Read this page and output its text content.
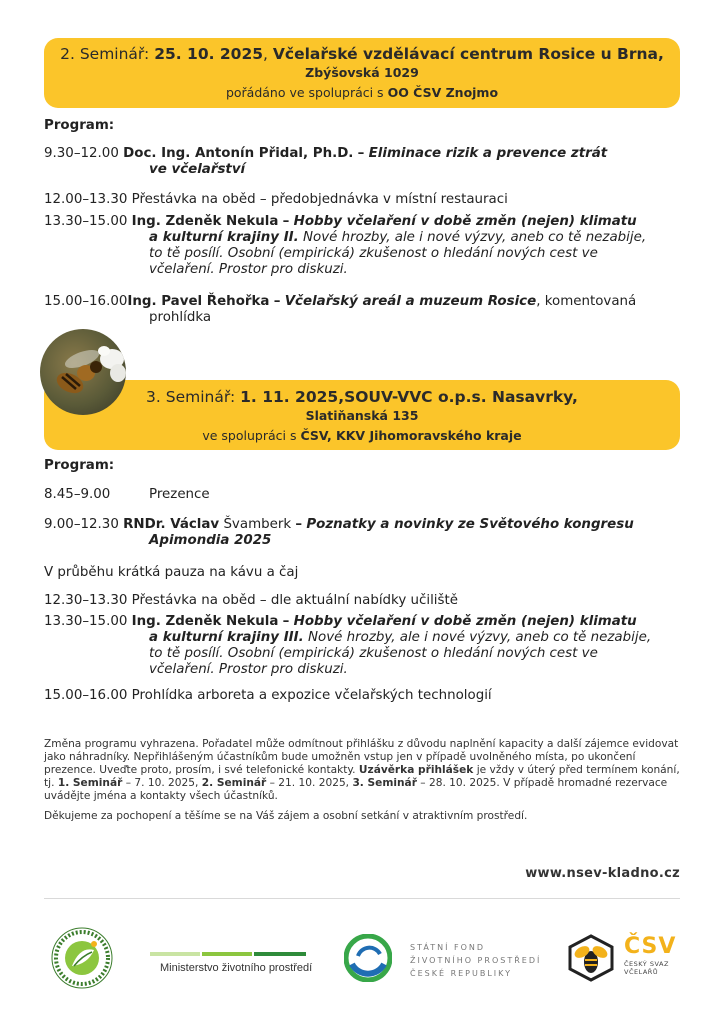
2. Seminář: 25. 10. 2025, Včelařské vzdělávací centrum Rosice u Brna,
Zbýšovská 1029
pořádáno ve spolupráci s OO ČSV Znojmo
Program:
9.30–12.00 Doc. Ing. Antonín Přidal, Ph.D. – Eliminace rizik a prevence ztrát
ve včelařství
12.00–13.30 Přestávka na oběd – předobjednávka v místní restauraci
13.30–15.00 Ing. Zdeněk Nekula – Hobby včelaření v době změn (nejen) klimatu
a kulturní krajiny II. Nové hrozby, ale i nové výzvy, aneb co tě nezabije,
to tě posílí. Osobní (empirická) zkušenost o hledání nových cest ve
včelaření. Prostor pro diskuzi.
15.00–16.00Ing. Pavel Řehořka – Včelařský areál a muzeum Rosice, komentovaná
prohlídka
3. Seminář: 1. 11. 2025,SOUV-VVC o.p.s. Nasavrky,
Slatiňanská 135
ve spolupráci s ČSV, KKV Jihomoravského kraje
Program:
8.45–9.00	Prezence
9.00–12.30 RNDr. Václav Švamberk – Poznatky a novinky ze Světového kongresu
Apimondia 2025
V průběhu krátká pauza na kávu a čaj
12.30–13.30 Přestávka na oběd – dle aktuální nabídky učiliště
13.30–15.00 Ing. Zdeněk Nekula – Hobby včelaření v době změn (nejen) klimatu
a kulturní krajiny III. Nové hrozby, ale i nové výzvy, aneb co tě nezabije,
to tě posílí. Osobní (empirická) zkušenost o hledání nových cest ve
včelaření. Prostor pro diskuzi.
15.00–16.00 Prohlídka arboreta a expozice včelařských technologií
Změna programu vyhrazena. Pořadatel může odmítnout přihlášku z důvodu naplnění kapacity a další zájemce evidovat jako náhradníky. Nepřihlášeným účastníkům bude umožněn vstup jen v případě uvolněného místa, po ukončení prezence. Uveďte proto, prosím, i své telefonické kontakty. Uzávěrka přihlášek je vždy v úterý před termínem konání, tj. 1. Seminář – 7. 10. 2025, 2. Seminář – 21. 10. 2025, 3. Seminář – 28. 10. 2025. V případě hromadné rezervace uvádějte jména a kontakty všech účastníků.
Děkujeme za pochopení a těšíme se na Váš zájem a osobní setkání v atraktivním prostředí.
www.nsev-kladno.cz
Ministerstvo životního prostředí
STÁTNÍ FOND
ŽIVOTNÍHO PROSTŘEDÍ
ČESKÉ REPUBLIKY
ČSV
ČESKÝ SVAZ
VČELAŘŮ
